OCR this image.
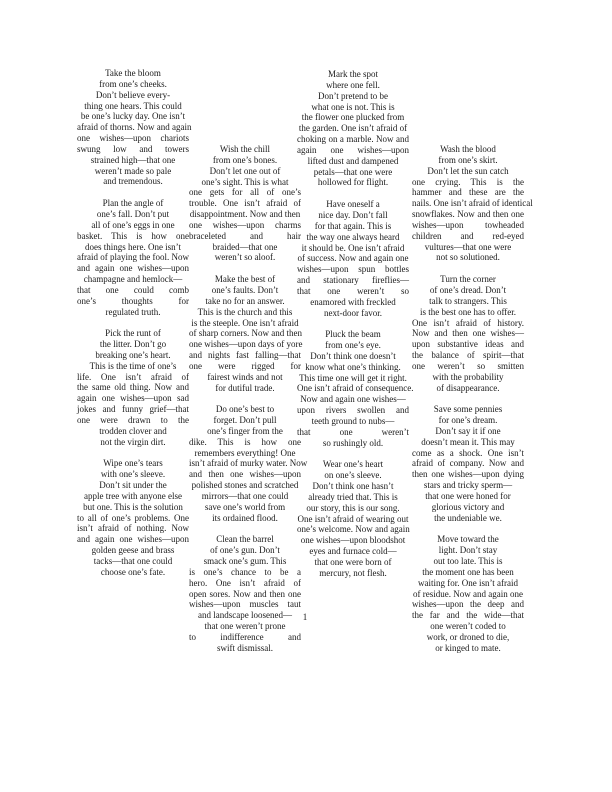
Take the bloom
from one’s cheeks.
Don’t believe every-
thing one hears. This could
be one’s lucky day. One isn’t
afraid of thorns. Now and again
one wishes—upon chariots
swung low and towers
strained high—that one
weren’t made so pale
and tremendous.
Plan the angle of
one’s fall. Don’t put
all of one’s eggs in one
basket. This is how one
does things here. One isn’t
afraid of playing the fool. Now
and again one wishes—upon
champagne and hemlock—
that one could comb
one’s thoughts for
regulated truth.
Pick the runt of
the litter. Don’t go
breaking one’s heart.
This is the time of one’s
life. One isn’t afraid of
the same old thing. Now and
again one wishes—upon sad
jokes and funny grief—that
one were drawn to the
trodden clover and
not the virgin dirt.
Wipe one’s tears
with one’s sleeve.
Don’t sit under the
apple tree with anyone else
but one. This is the solution
to all of one’s problems. One
isn’t afraid of nothing. Now
and again one wishes—upon
golden geese and brass
tacks—that one could
choose one’s fate.
Wish the chill
from one’s bones.
Don’t let one out of
one’s sight. This is what
one gets for all of one’s
trouble. One isn’t afraid of
disappointment. Now and then
one wishes—upon charms
braceleted and hair
braided—that one
weren’t so aloof.
Make the best of
one’s faults. Don’t
take no for an answer.
This is the church and this
is the steeple. One isn’t afraid
of sharp corners. Now and then
one wishes—upon days of yore
and nights fast falling—that
one were rigged for
fairest winds and not
for dutiful trade.
Do one’s best to
forget. Don’t pull
one’s finger from the
dike. This is how one
remembers everything! One
isn’t afraid of murky water. Now
and then one wishes—upon
polished stones and scratched
mirrors—that one could
save one’s world from
its ordained flood.
Clean the barrel
of one’s gun. Don’t
smack one’s gum. This
is one’s chance to be a
hero. One isn’t afraid of
open sores. Now and then one
wishes—upon muscles taut
and landscape loosened—
that one weren’t prone
to indifference and
swift dismissal.
Mark the spot
where one fell.
Don’t pretend to be
what one is not. This is
the flower one plucked from
the garden. One isn’t afraid of
choking on a marble. Now and
again one wishes—upon
lifted dust and dampened
petals—that one were
hollowed for flight.
Have oneself a
nice day. Don’t fall
for that again. This is
the way one always heard
it should be. One isn’t afraid
of success. Now and again one
wishes—upon spun bottles
and stationary fireflies—
that one weren’t so
enamored with freckled
next-door favor.
Pluck the beam
from one’s eye.
Don’t think one doesn’t
know what one’s thinking.
This time one will get it right.
One isn’t afraid of consequence.
Now and again one wishes—
upon rivers swollen and
teeth ground to nubs—
that one weren’t
so rushingly old.
Wear one’s heart
on one’s sleeve.
Don’t think one hasn’t
already tried that. This is
our story, this is our song.
One isn’t afraid of wearing out
one’s welcome. Now and again
one wishes—upon bloodshot
eyes and furnace cold—
that one were born of
mercury, not flesh.
Wash the blood
from one’s skirt.
Don’t let the sun catch
one crying. This is the
hammer and these are the
nails. One isn’t afraid of identical
snowflakes. Now and then one
wishes—upon towheaded
children and red-eyed
vultures—that one were
not so solutioned.
Turn the corner
of one’s dread. Don’t
talk to strangers. This
is the best one has to offer.
One isn’t afraid of history.
Now and then one wishes—
upon substantive ideas and
the balance of spirit—that
one weren’t so smitten
with the probability
of disappearance.
Save some pennies
for one’s dream.
Don’t say it if one
doesn’t mean it. This may
come as a shock. One isn’t
afraid of company. Now and
then one wishes—upon dying
stars and tricky sperm—
that one were honed for
glorious victory and
the undeniable we.
Move toward the
light. Don’t stay
out too late. This is
the moment one has been
waiting for. One isn’t afraid
of residue. Now and again one
wishes—upon the deep and
the far and the wide—that
one weren’t coded to
work, or droned to die,
or kinged to mate.
1
